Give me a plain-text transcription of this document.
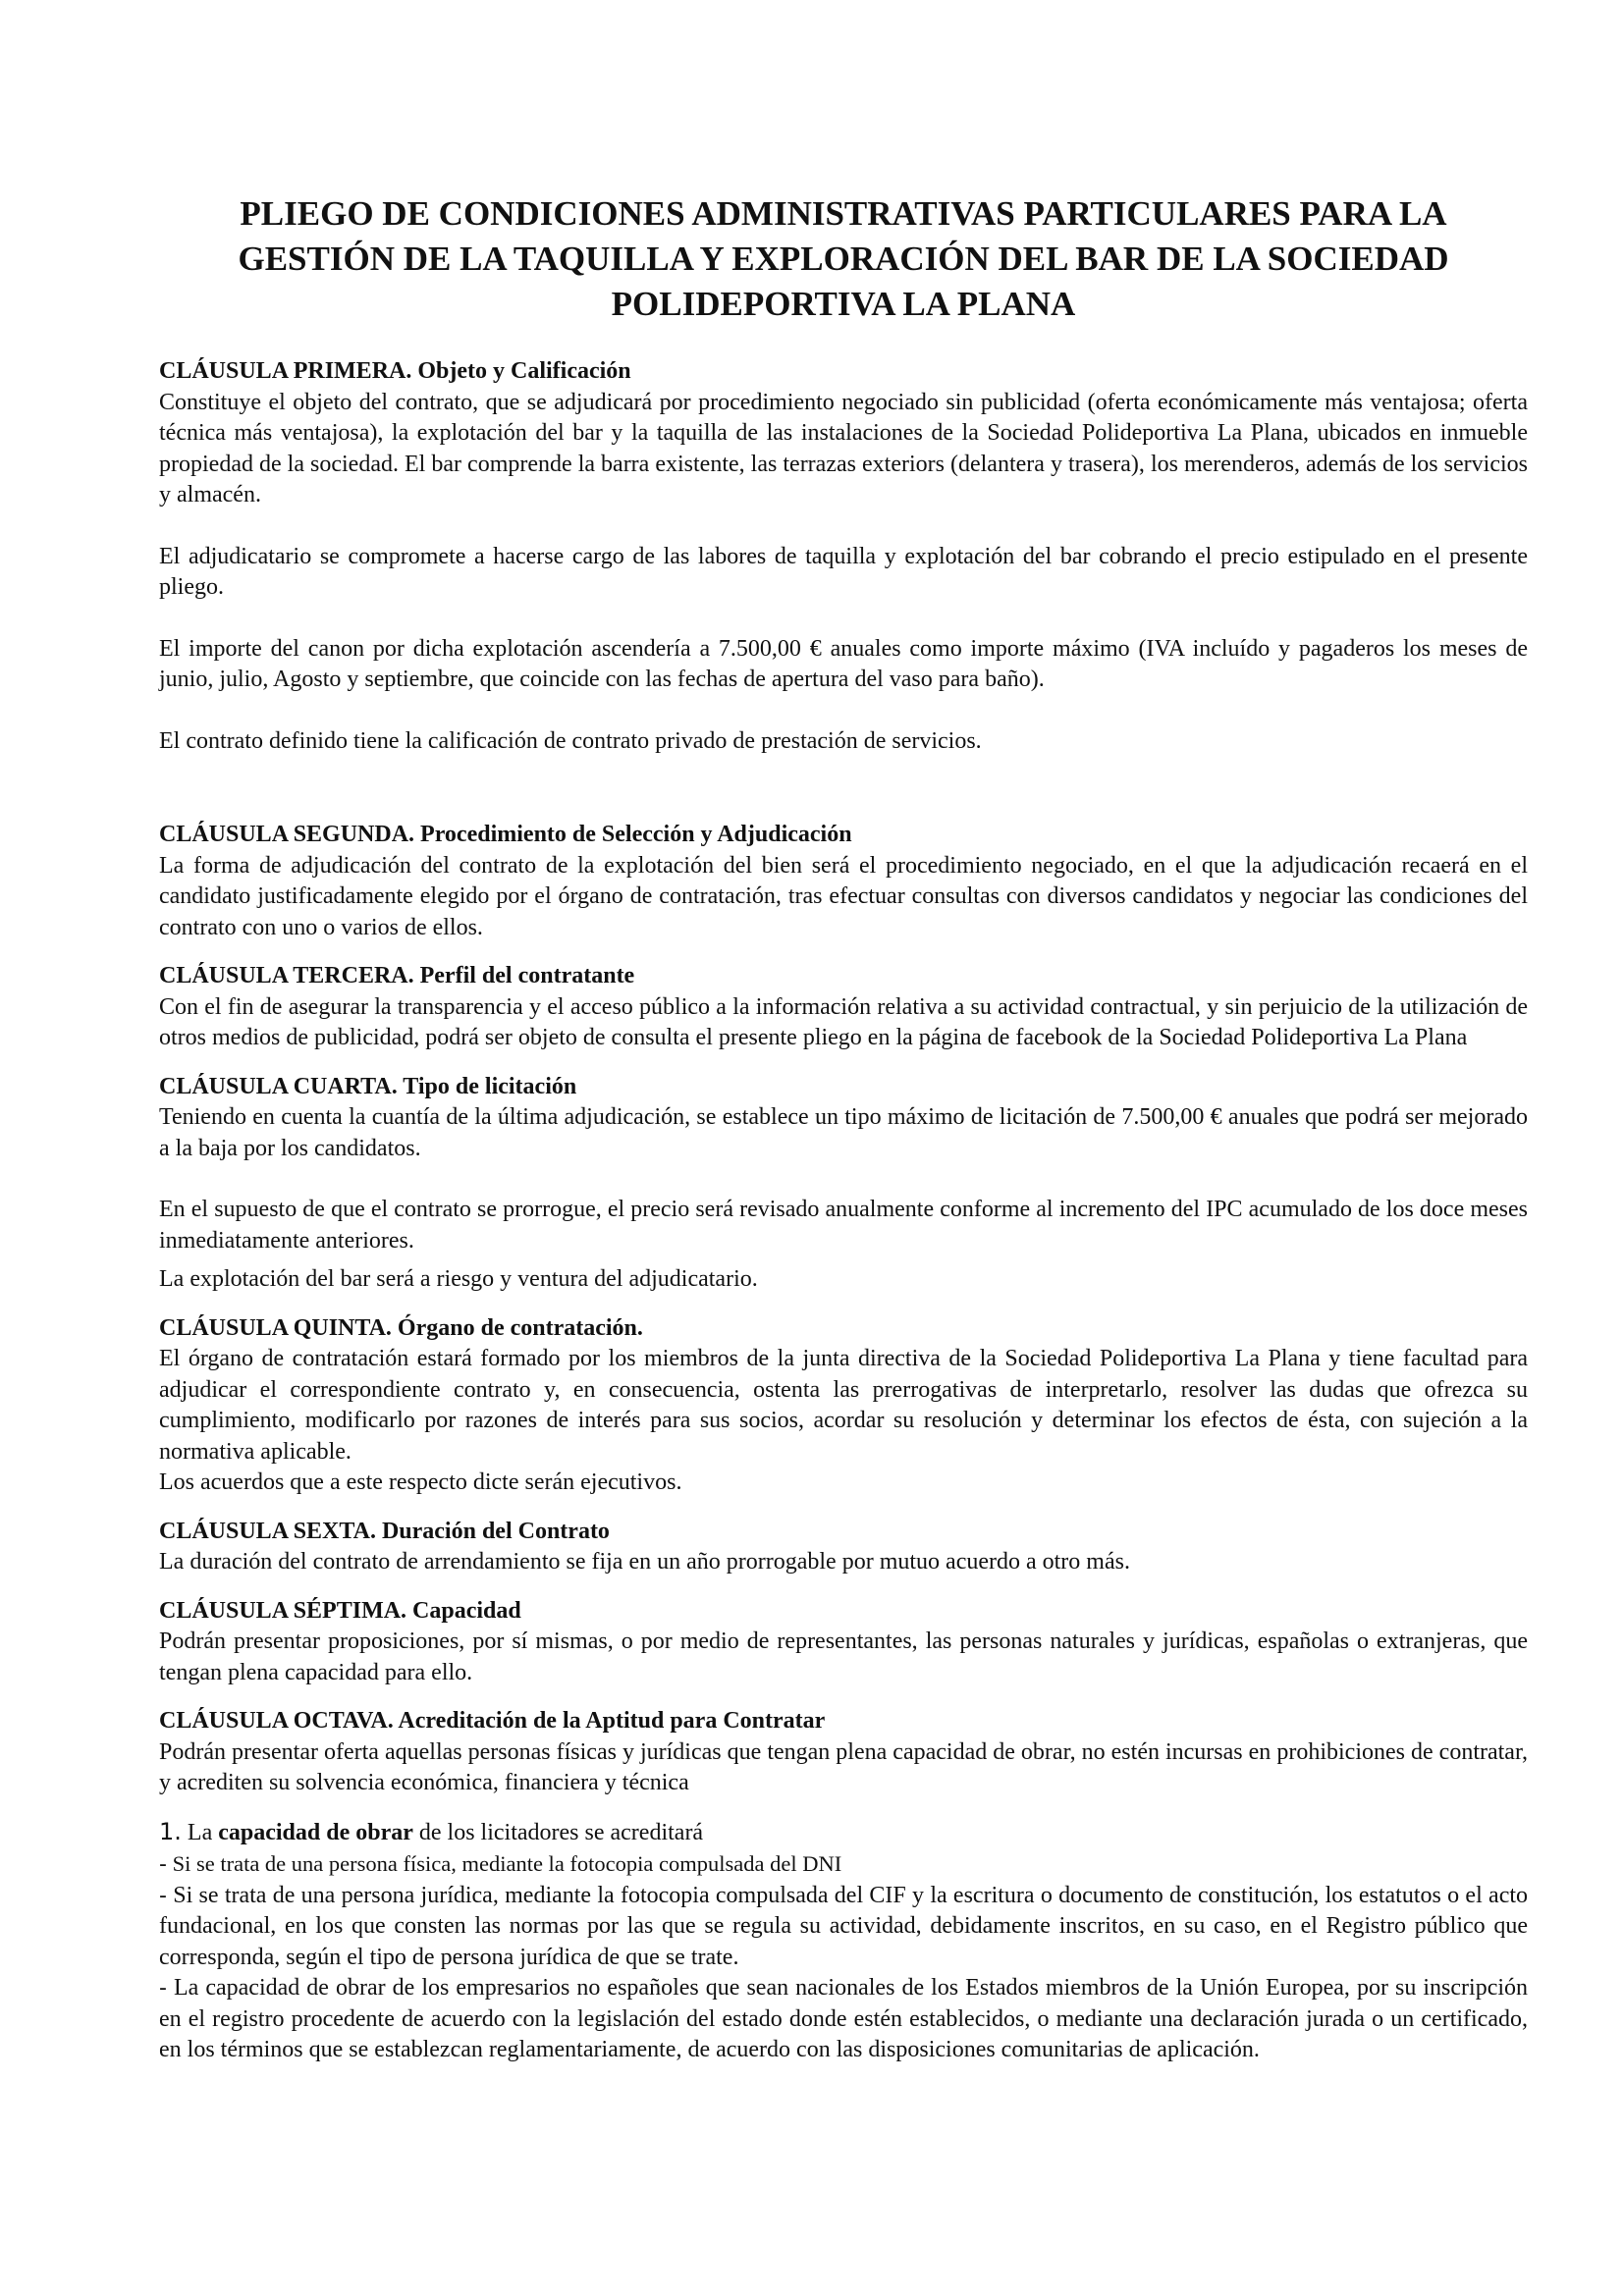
PLIEGO DE CONDICIONES ADMINISTRATIVAS PARTICULARES PARA LA GESTIÓN DE LA TAQUILLA Y EXPLORACIÓN DEL BAR DE LA SOCIEDAD POLIDEPORTIVA LA PLANA
CLÁUSULA PRIMERA. Objeto y Calificación

Constituye el objeto del contrato, que se adjudicará por procedimiento negociado sin publicidad (oferta económicamente más ventajosa; oferta técnica más ventajosa), la explotación del bar y la taquilla de las instalaciones de la Sociedad Polideportiva La Plana, ubicados en inmueble propiedad de la sociedad. El bar comprende la barra existente, las terrazas exteriors (delantera y trasera), los merenderos, además de los servicios y almacén.

El adjudicatario se compromete a hacerse cargo de las labores de taquilla y explotación del bar cobrando el precio estipulado en el presente pliego.

El importe del canon por dicha explotación ascendería a 7.500,00 € anuales como importe máximo (IVA incluído y pagaderos los meses de junio, julio, Agosto y septiembre, que coincide con las fechas de apertura del vaso para baño).

El contrato definido tiene la calificación de contrato privado de prestación de servicios.

CLÁUSULA SEGUNDA. Procedimiento de Selección y Adjudicación

La forma de adjudicación del contrato de la explotación del bien será el procedimiento negociado, en el que la adjudicación recaerá en el candidato justificadamente elegido por el órgano de contratación, tras efectuar consultas con diversos candidatos y negociar las condiciones del contrato con uno o varios de ellos.

CLÁUSULA TERCERA. Perfil del contratante

Con el fin de asegurar la transparencia y el acceso público a la información relativa a su actividad contractual, y sin perjuicio de la utilización de otros medios de publicidad, podrá ser objeto de consulta el presente pliego en la página de facebook de la Sociedad Polideportiva La Plana

CLÁUSULA CUARTA. Tipo de licitación

Teniendo en cuenta la cuantía de la última adjudicación, se establece un tipo máximo de licitación de 7.500,00 € anuales que podrá ser mejorado a la baja por los candidatos.

En el supuesto de que el contrato se prorrogue, el precio será revisado anualmente conforme al incremento del IPC acumulado de los doce meses inmediatamente anteriores.

La explotación del bar será a riesgo y ventura del adjudicatario.

CLÁUSULA QUINTA. Órgano de contratación.

El órgano de contratación estará formado por los miembros de la junta directiva de la Sociedad Polideportiva La Plana y tiene facultad para adjudicar el correspondiente contrato y, en consecuencia, ostenta las prerrogativas de interpretarlo, resolver las dudas que ofrezca su cumplimiento, modificarlo por razones de interés para sus socios, acordar su resolución y determinar los efectos de ésta, con sujeción a la normativa aplicable.

Los acuerdos que a este respecto dicte serán ejecutivos.

CLÁUSULA SEXTA. Duración del Contrato

La duración del contrato de arrendamiento se fija en un año prorrogable por mutuo acuerdo a otro más.

CLÁUSULA SÉPTIMA. Capacidad

Podrán presentar proposiciones, por sí mismas, o por medio de representantes, las personas naturales y jurídicas, españolas o extranjeras, que tengan plena capacidad para ello.

CLÁUSULA OCTAVA. Acreditación de la Aptitud para Contratar

Podrán presentar oferta aquellas personas físicas y jurídicas que tengan plena capacidad de obrar, no estén incursas en prohibiciones de contratar, y acrediten su solvencia económica, financiera y técnica

1. La capacidad de obrar de los licitadores se acreditará

- Si se trata de una persona física, mediante la fotocopia compulsada del DNI

- Si se trata de una persona jurídica, mediante la fotocopia compulsada del CIF y la escritura o documento de constitución, los estatutos o el acto fundacional, en los que consten las normas por las que se regula su actividad, debidamente inscritos, en su caso, en el Registro público que corresponda, según el tipo de persona jurídica de que se trate.

- La capacidad de obrar de los empresarios no españoles que sean nacionales de los Estados miembros de la Unión Europea, por su inscripción en el registro procedente de acuerdo con la legislación del estado donde estén establecidos, o mediante una declaración jurada o un certificado, en los términos que se establezcan reglamentariamente, de acuerdo con las disposiciones comunitarias de aplicación.
